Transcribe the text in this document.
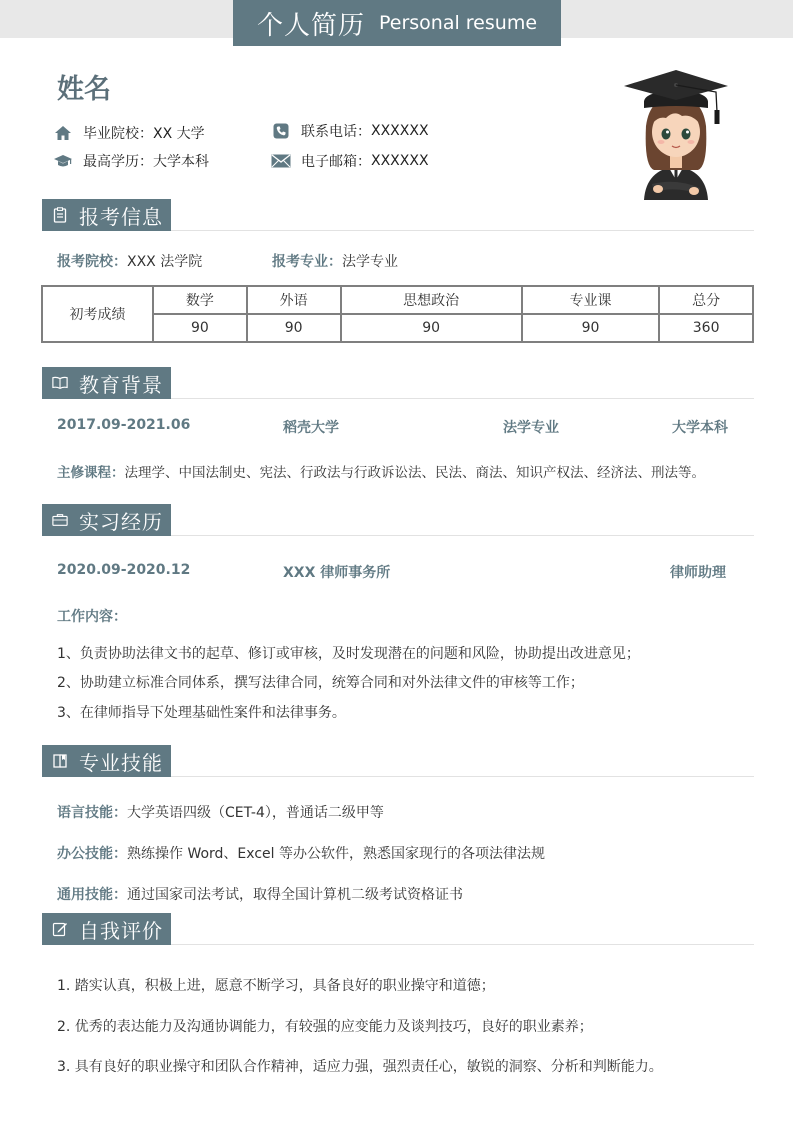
个人简历 Personal resume
姓名
毕业院校： XX 大学
最高学历： 大学本科
联系电话： XXXXXX
电子邮箱： XXXXXX
报考信息
报考院校：XXX 法学院	报考专业：法学专业
初考成绩	数学	外语	思想政治	专业课	总分
	90	90	90	90	360
教育背景
2017.09-2021.06	稻壳大学	法学专业	大学本科
主修课程：法理学、中国法制史、宪法、行政法与行政诉讼法、民法、商法、知识产权法、经济法、刑法等。
实习经历
2020.09-2020.12	XXX 律师事务所	律师助理
工作内容：
1、负责协助法律文书的起草、修订或审核，及时发现潜在的问题和风险，协助提出改进意见；
2、协助建立标准合同体系，撰写法律合同，统筹合同和对外法律文件的审核等工作；
3、在律师指导下处理基础性案件和法律事务。
专业技能
语言技能：大学英语四级（CET-4），普通话二级甲等
办公技能：熟练操作 Word、Excel 等办公软件，熟悉国家现行的各项法律法规
通用技能：通过国家司法考试，取得全国计算机二级考试资格证书
自我评价
1. 踏实认真，积极上进，愿意不断学习，具备良好的职业操守和道德；
2. 优秀的表达能力及沟通协调能力，有较强的应变能力及谈判技巧，良好的职业素养；
3. 具有良好的职业操守和团队合作精神，适应力强，强烈责任心，敏锐的洞察、分析和判断能力。
